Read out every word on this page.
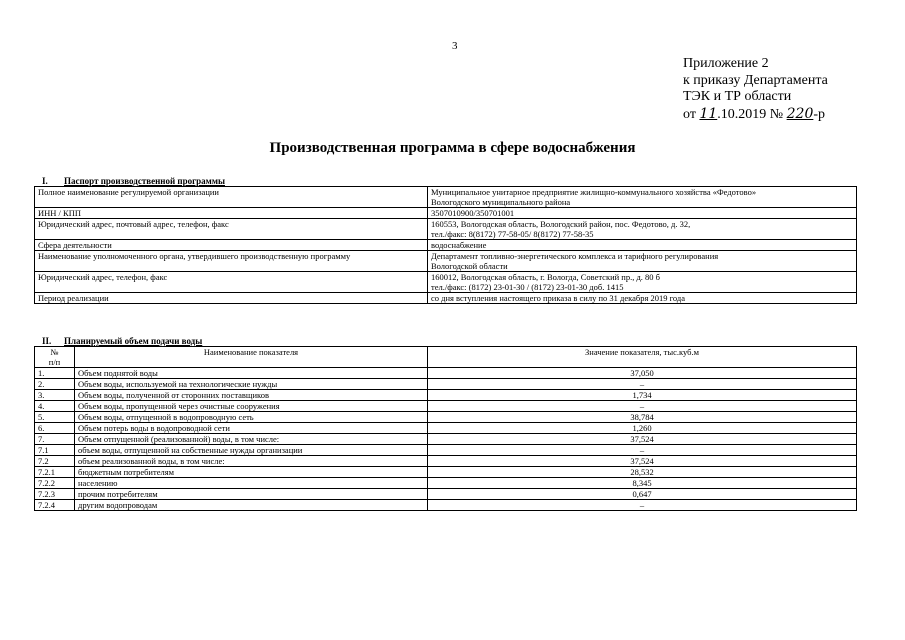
3
Приложение 2
к приказу Департамента
ТЭК и ТР области
от 11.10.2019 № 220-р
Производственная программа в сфере водоснабжения
I. Паспорт производственной программы
Полное наименование регулируемой организации	Муниципальное унитарное предприятие жилищно-коммунального хозяйства «Федотово»
Вологодского муниципального района

ИНН / КПП	3507010900/350701001

Юридический адрес, почтовый адрес, телефон, факс	160553, Вологодская область, Вологодский район, пос. Федотово, д. 32,
тел./факс: 8(8172) 77-58-05/ 8(8172) 77-58-35

Сфера деятельности	водоснабжение

Наименование уполномоченного органа, утвердившего производственную программу	Департамент топливно-энергетического комплекса и тарифного регулирования
Вологодской области

Юридический адрес, телефон, факс	160012, Вологодская область, г. Вологда, Советский пр., д. 80 б
тел./факс: (8172) 23-01-30 / (8172) 23-01-30 доб. 1415

Период реализации	со дня вступления настоящего приказа в силу по 31 декабря 2019 года
II. Планируемый объем подачи воды
№
п/п	Наименование показателя	Значение показателя, тыс.куб.м
1.	Объем поднятой воды	37,050
2.	Объем воды, используемой на технологические нужды	–
3.	Объем воды, полученной от сторонних поставщиков	1,734
4.	Объем воды, пропущенной через очистные сооружения	–
5.	Объем воды, отпущенной в водопроводную сеть	38,784
6.	Объем потерь воды в водопроводной сети	1,260
7.	Объем отпущенной (реализованной) воды, в том числе:	37,524
7.1	объем воды, отпущенной на собственные нужды организации	–
7.2	объем реализованной воды, в том числе:	37,524
7.2.1	бюджетным потребителям	28,532
7.2.2	населению	8,345
7.2.3	прочим потребителям	0,647
7.2.4	другим водопроводам	–
